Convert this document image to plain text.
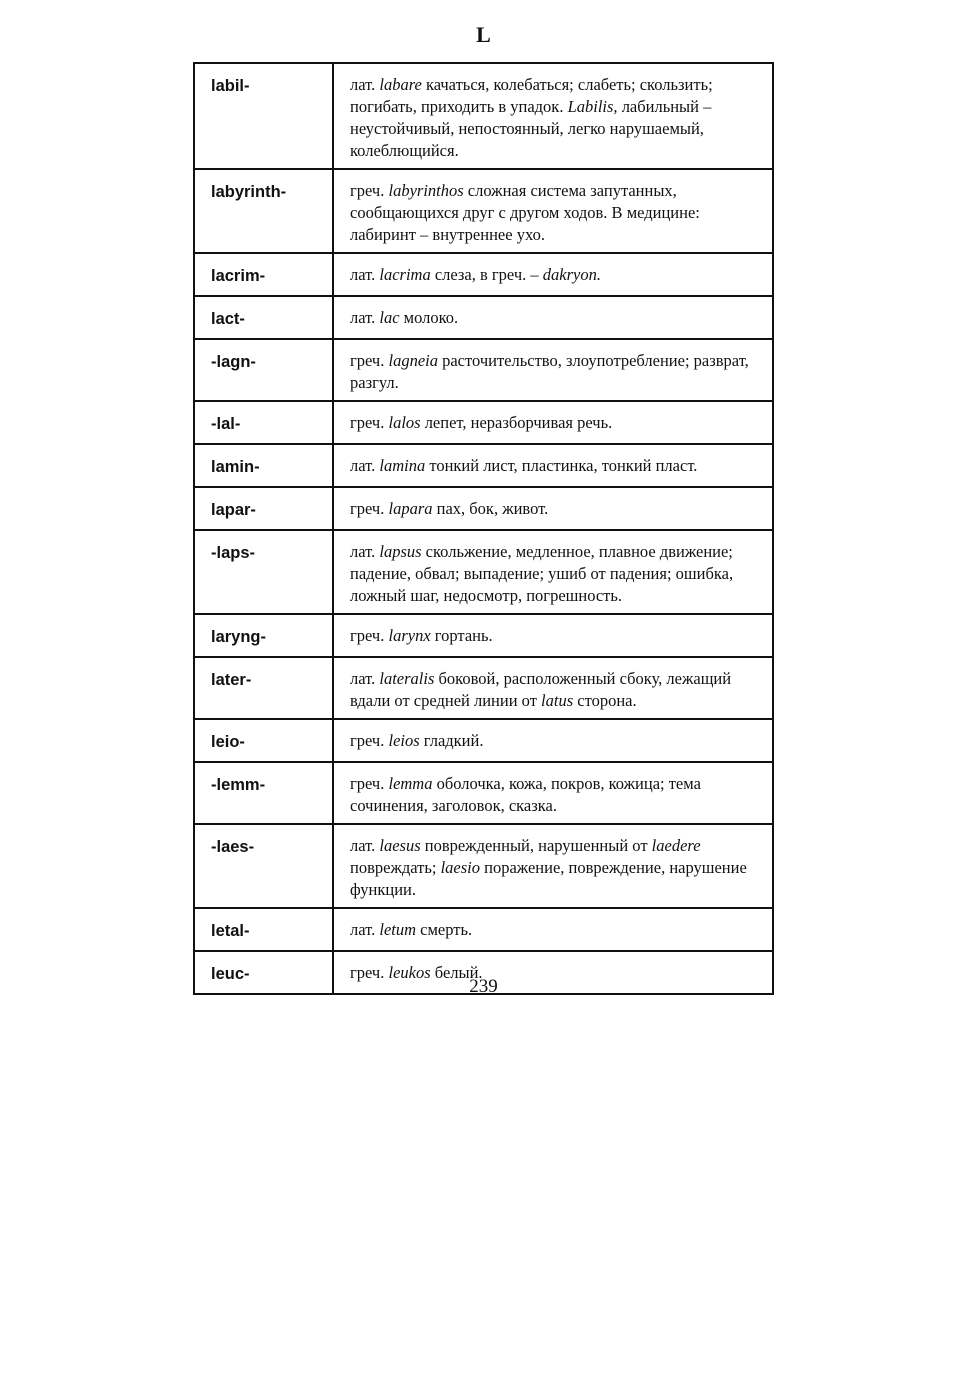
L
labil-	лат. labare качаться, колебаться; слабеть; скользить; погибать, приходить в упадок. Labilis, лабильный – неустойчивый, непостоянный, легко нарушаемый, колеблющийся.
labyrinth-	греч. labyrinthos сложная система запутанных, сообщающихся друг с другом ходов. В медицине: лабиринт – внутреннее ухо.
lacrim-	лат. lacrima слеза, в греч. – dakryon.
lact-	лат. lac молоко.
-lagn-	греч. lagneia расточительство, злоупотребление; разврат, разгул.
-lal-	греч. lalos лепет, неразборчивая речь.
lamin-	лат. lamina тонкий лист, пластинка, тонкий пласт.
lapar-	греч. lapara пах, бок, живот.
-laps-	лат. lapsus скольжение, медленное, плавное движение; падение, обвал; выпадение; ушиб от падения; ошибка, ложный шаг, недосмотр, погрешность.
laryng-	греч. larynx гортань.
later-	лат. lateralis боковой, расположенный сбоку, лежащий вдали от средней линии от latus сторона.
leio-	греч. leios гладкий.
-lemm-	греч. lemma оболочка, кожа, покров, кожица; тема сочинения, заголовок, сказка.
-laes-	лат. laesus поврежденный, нарушенный от laedere повреждать; laesio поражение, повреждение, нарушение функции.
letal-	лат. letum смерть.
leuc-	греч. leukos белый.
239
